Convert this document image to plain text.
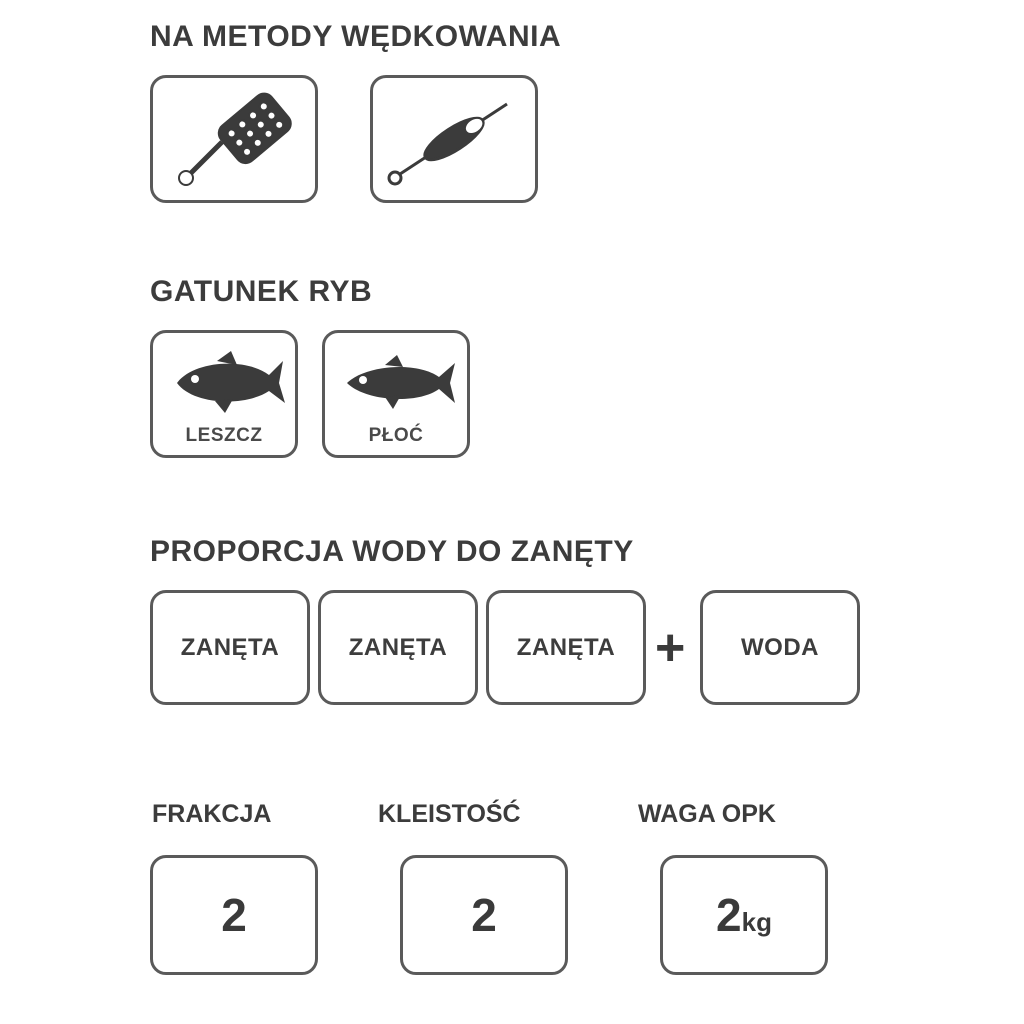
NA METODY WĘDKOWANIA
GATUNEK RYB
LESZCZ	PŁOĆ
PROPORCJA WODY DO ZANĘTY
ZANĘTA	ZANĘTA	ZANĘTA +	WODA
FRAKCJA
2
KLEISTOŚĆ
2
WAGA OPK
2kg
